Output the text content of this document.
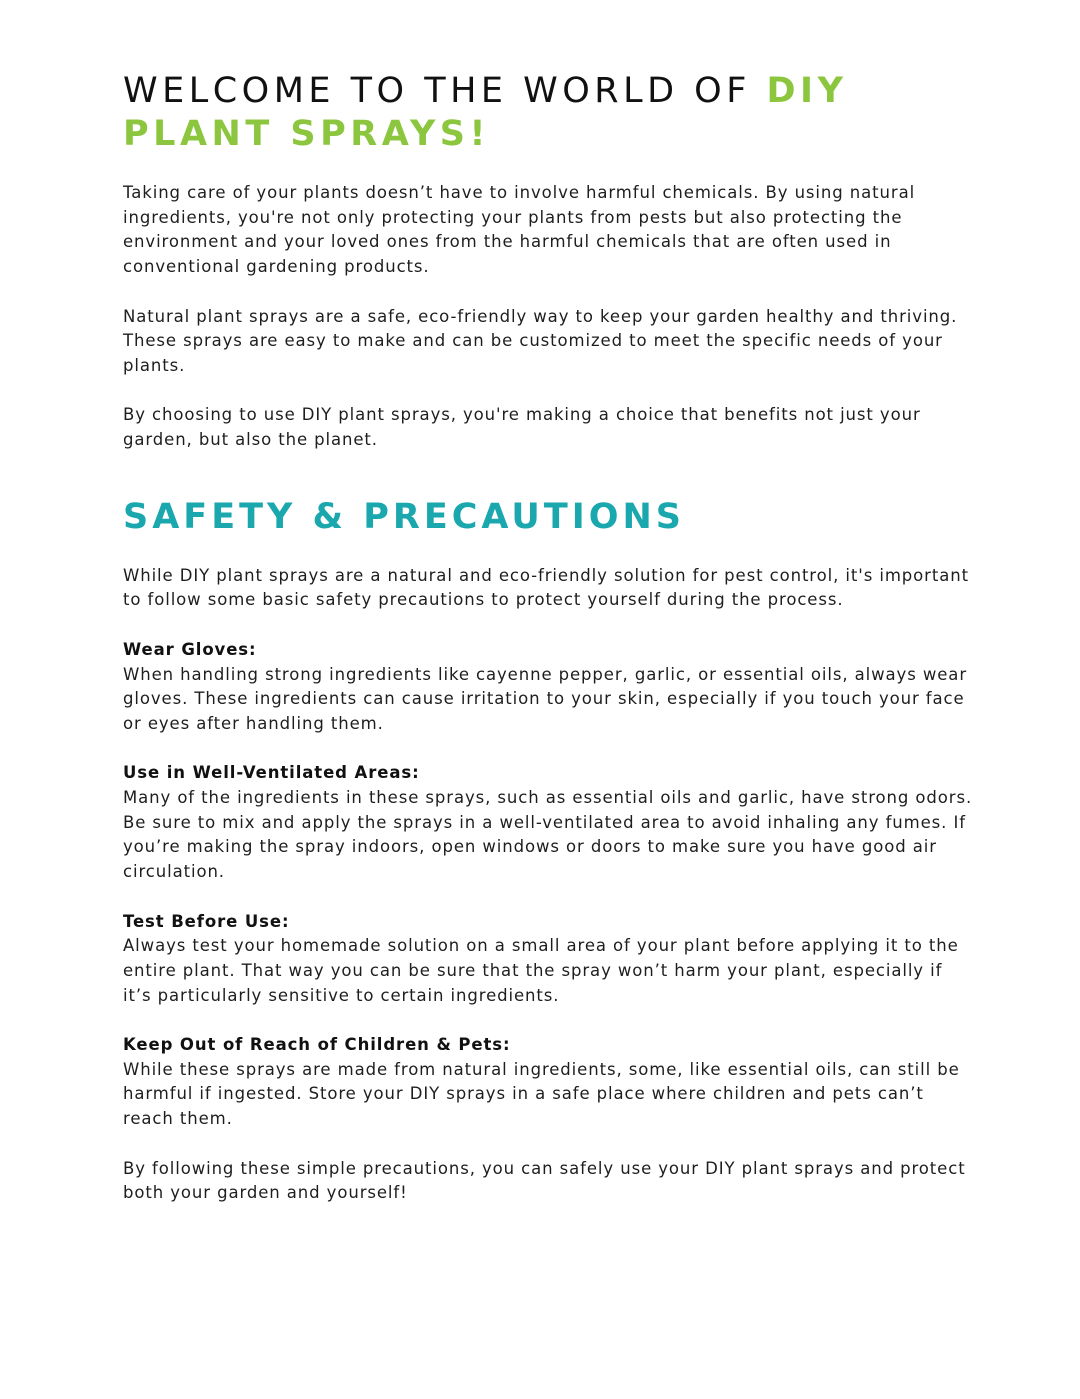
WELCOME TO THE WORLD OF DIY PLANT SPRAYS!

Taking care of your plants doesn’t have to involve harmful chemicals. By using natural ingredients, you're not only protecting your plants from pests but also protecting the environment and your loved ones from the harmful chemicals that are often used in conventional gardening products.

Natural plant sprays are a safe, eco-friendly way to keep your garden healthy and thriving. These sprays are easy to make and can be customized to meet the specific needs of your plants.

By choosing to use DIY plant sprays, you're making a choice that benefits not just your garden, but also the planet.

SAFETY & PRECAUTIONS

While DIY plant sprays are a natural and eco-friendly solution for pest control, it's important to follow some basic safety precautions to protect yourself during the process.

Wear Gloves:
When handling strong ingredients like cayenne pepper, garlic, or essential oils, always wear gloves. These ingredients can cause irritation to your skin, especially if you touch your face or eyes after handling them.

Use in Well-Ventilated Areas:
Many of the ingredients in these sprays, such as essential oils and garlic, have strong odors. Be sure to mix and apply the sprays in a well-ventilated area to avoid inhaling any fumes. If you’re making the spray indoors, open windows or doors to make sure you have good air circulation.

Test Before Use:
Always test your homemade solution on a small area of your plant before applying it to the entire plant. That way you can be sure that the spray won’t harm your plant, especially if it’s particularly sensitive to certain ingredients.

Keep Out of Reach of Children & Pets:
While these sprays are made from natural ingredients, some, like essential oils, can still be harmful if ingested. Store your DIY sprays in a safe place where children and pets can’t reach them.

By following these simple precautions, you can safely use your DIY plant sprays and protect both your garden and yourself!
